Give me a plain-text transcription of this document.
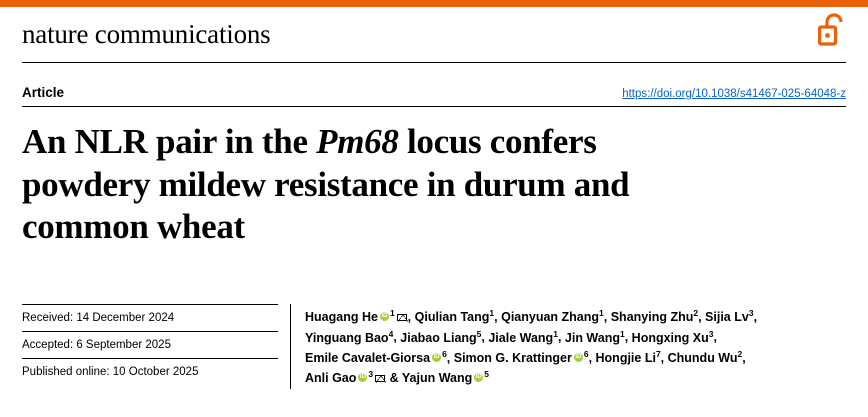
nature communications
Article	https://doi.org/10.1038/s41467-025-64048-z
An NLR pair in the Pm68 locus confers powdery mildew resistance in durum and common wheat
Received: 14 December 2024
Accepted: 6 September 2025
Published online: 10 October 2025
Huagang He iD $^1$ , Qiulian Tang$^1$, Qianyuan Zhang$^1$, Shanying Zhu$^2$, Sijia Lv$^3$,
Yinguang Bao$^4$, Jiabao Liang$^5$, Jiale Wang$^1$, Jin Wang$^1$, Hongxing Xu$^3$,
Emile Cavalet-Giorsa iD $^6$, Simon G. Krattinger iD $^6$, Hongjie Li$^7$, Chundu Wu$^2$,
Anli Gao iD $^3$ & Yajun Wang iD $^5$
